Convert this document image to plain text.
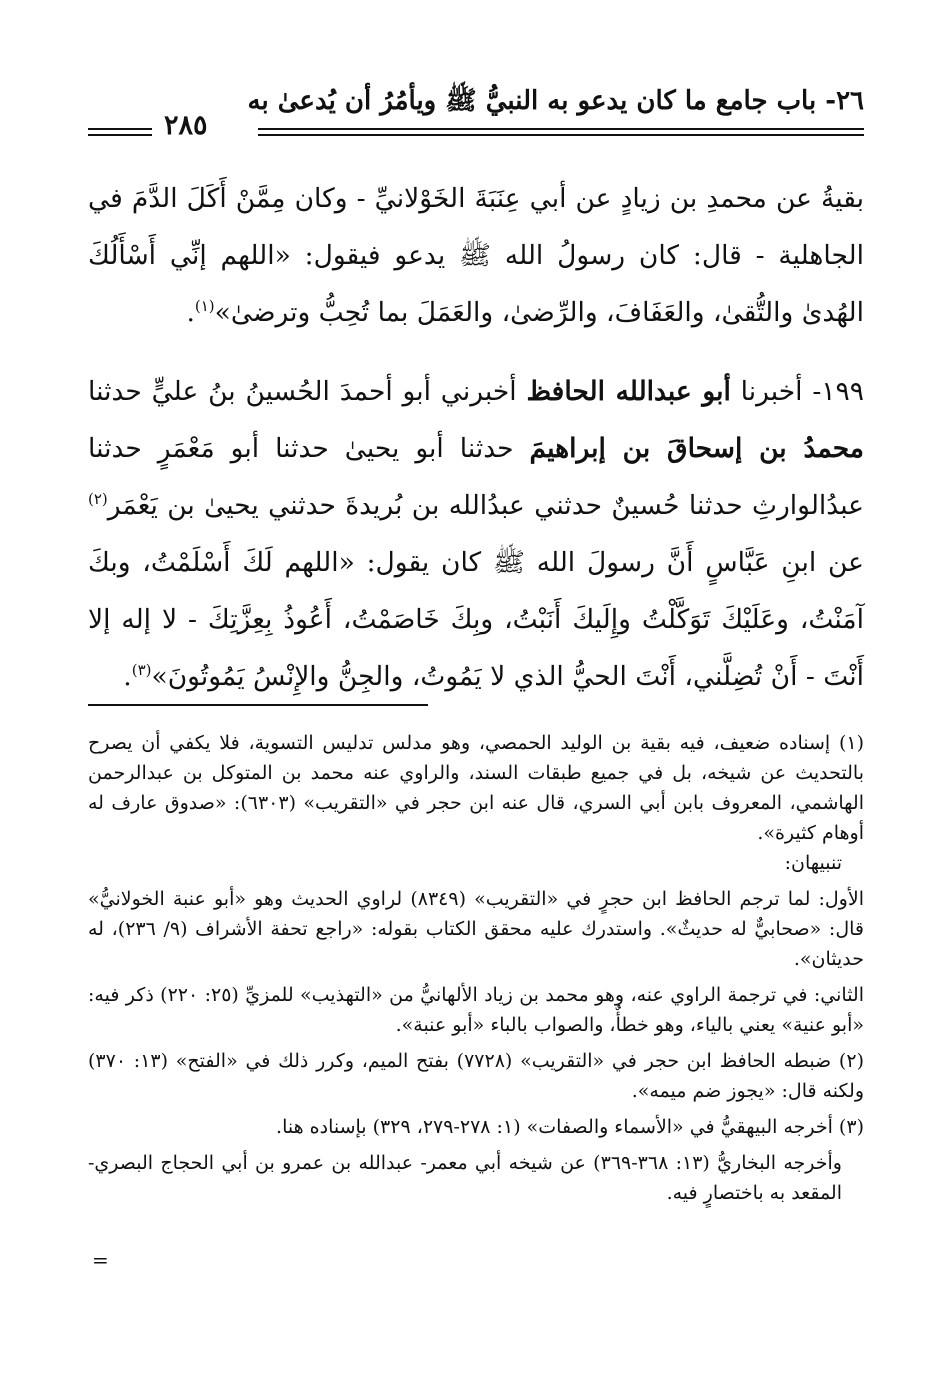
٢٦- باب جامع ما كان يدعو به النبيُّ ﷺ ويأمُرُ أن يُدعىٰ به
٢٨٥

بقيةُ عن محمدِ بن زيادٍ عن أبي عِنَبَةَ الخَوْلانيِّ - وكان مِمَّنْ أَكَلَ الدَّمَ في الجاهلية - قال: كان رسولُ الله ﷺ يدعو فيقول: «اللهم إنِّي أَسْأَلُكَ الهُدىٰ والتُّقىٰ، والعَفَافَ، والرِّضىٰ، والعَمَلَ بما تُحِبُّ وترضىٰ»$^{(١)}$.

١٩٩- أخبرنا أبو عبدالله الحافظ أخبرني أبو أحمدَ الحُسينُ بنُ عليٍّ حدثنا محمدُ بن إسحاقَ بن إبراهيمَ حدثنا أبو يحيىٰ حدثنا أبو مَعْمَرٍ حدثنا عبدُالوارثِ حدثنا حُسينٌ حدثني عبدُالله بن بُريدةَ حدثني يحيىٰ بن يَعْمَر$^{(٢)}$ عن ابنِ عَبَّاسٍ أَنَّ رسولَ الله ﷺ كان يقول: «اللهم لَكَ أَسْلَمْتُ، وبكَ آمَنْتُ، وعَلَيْكَ تَوَكَّلْتُ وإِلَيكَ أَنَبْتُ، وبِكَ خَاصَمْتُ، أَعُوذُ بِعِزَّتِكَ - لا إله إلا أَنْتَ - أَنْ تُضِلَّني، أَنْتَ الحيُّ الذي لا يَمُوتُ، والجِنُّ والإِنْسُ يَمُوتُونَ»$^{(٣)}$.

(١) إسناده ضعيف، فيه بقية بن الوليد الحمصي، وهو مدلس تدليس التسوية، فلا يكفي أن يصرح بالتحديث عن شيخه، بل في جميع طبقات السند، والراوي عنه محمد بن المتوكل بن عبدالرحمن الهاشمي، المعروف بابن أبي السري، قال عنه ابن حجر في «التقريب» (٦٣٠٣): «صدوق عارف له أوهام كثيرة».

تنبيهان:

الأول: لما ترجم الحافظ ابن حجرٍ في «التقريب» (٨٣٤٩) لراوي الحديث وهو «أبو عنبة الخولانيُّ» قال: «صحابيٌّ له حديثٌ». واستدرك عليه محقق الكتاب بقوله: «راجع تحفة الأشراف (٩/ ٢٣٦)، له حديثان».

الثاني: في ترجمة الراوي عنه، وهو محمد بن زياد الألهانيُّ من «التهذيب» للمزيِّ (٢٥: ٢٢٠) ذكر فيه: «أبو عنية» يعني بالياء، وهو خطأٌ، والصواب بالباء «أبو عنبة».

(٢) ضبطه الحافظ ابن حجر في «التقريب» (٧٧٢٨) بفتح الميم، وكرر ذلك في «الفتح» (١٣: ٣٧٠) ولكنه قال: «يجوز ضم ميمه».

(٣) أخرجه البيهقيُّ في «الأسماء والصفات» (١: ٢٧٨-٢٧٩، ٣٢٩) بإسناده هنا.

وأخرجه البخاريُّ (١٣: ٣٦٨-٣٦٩) عن شيخه أبي معمر- عبدالله بن عمرو بن أبي الحجاج البصري- المقعد به باختصارٍ فيه.

=
